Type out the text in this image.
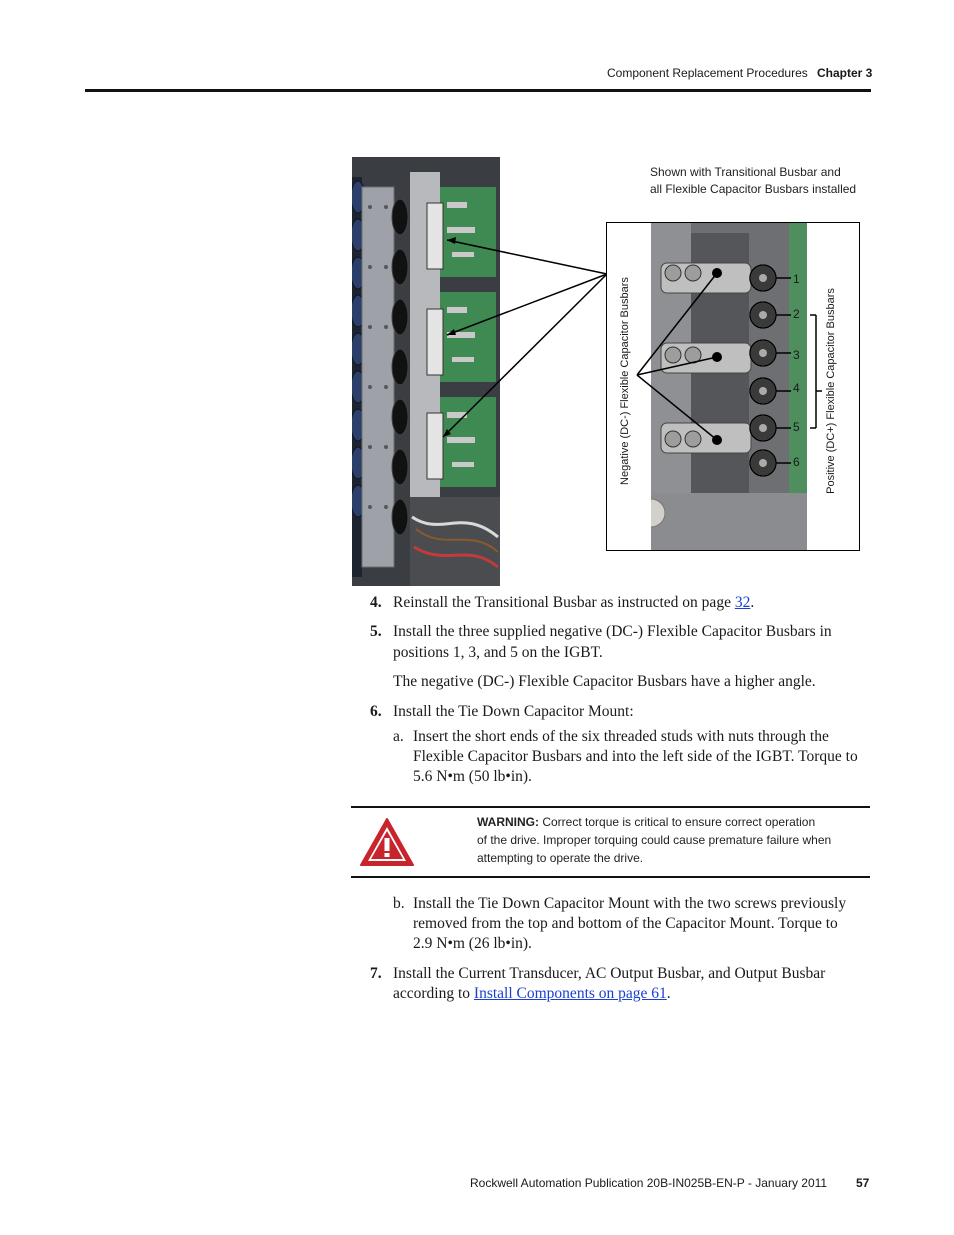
Component Replacement Procedures Chapter 3
Shown with Transitional Busbar and
all Flexible Capacitor Busbars installed
1
2
3
4
5
6
Negative (DC-) Flexible Capacitor Busbars	Positive (DC+) Flexible Capacitor Busbars
4. Reinstall the Transitional Busbar as instructed on page 32.
5. Install the three supplied negative (DC-) Flexible Capacitor Busbars in
positions 1, 3, and 5 on the IGBT.
The negative (DC-) Flexible Capacitor Busbars have a higher angle.
6. Install the Tie Down Capacitor Mount:
a. Insert the short ends of the six threaded studs with nuts through the
Flexible Capacitor Busbars and into the left side of the IGBT. Torque to
5.6 N•m (50 lb•in).
WARNING: Correct torque is critical to ensure correct operation
of the drive. Improper torquing could cause premature failure when
attempting to operate the drive.
b. Install the Tie Down Capacitor Mount with the two screws previously
removed from the top and bottom of the Capacitor Mount. Torque to
2.9 N•m (26 lb•in).
7. Install the Current Transducer, AC Output Busbar, and Output Busbar
according to Install Components on page 61.
Rockwell Automation Publication 20B-IN025B-EN-P - January 2011 57
